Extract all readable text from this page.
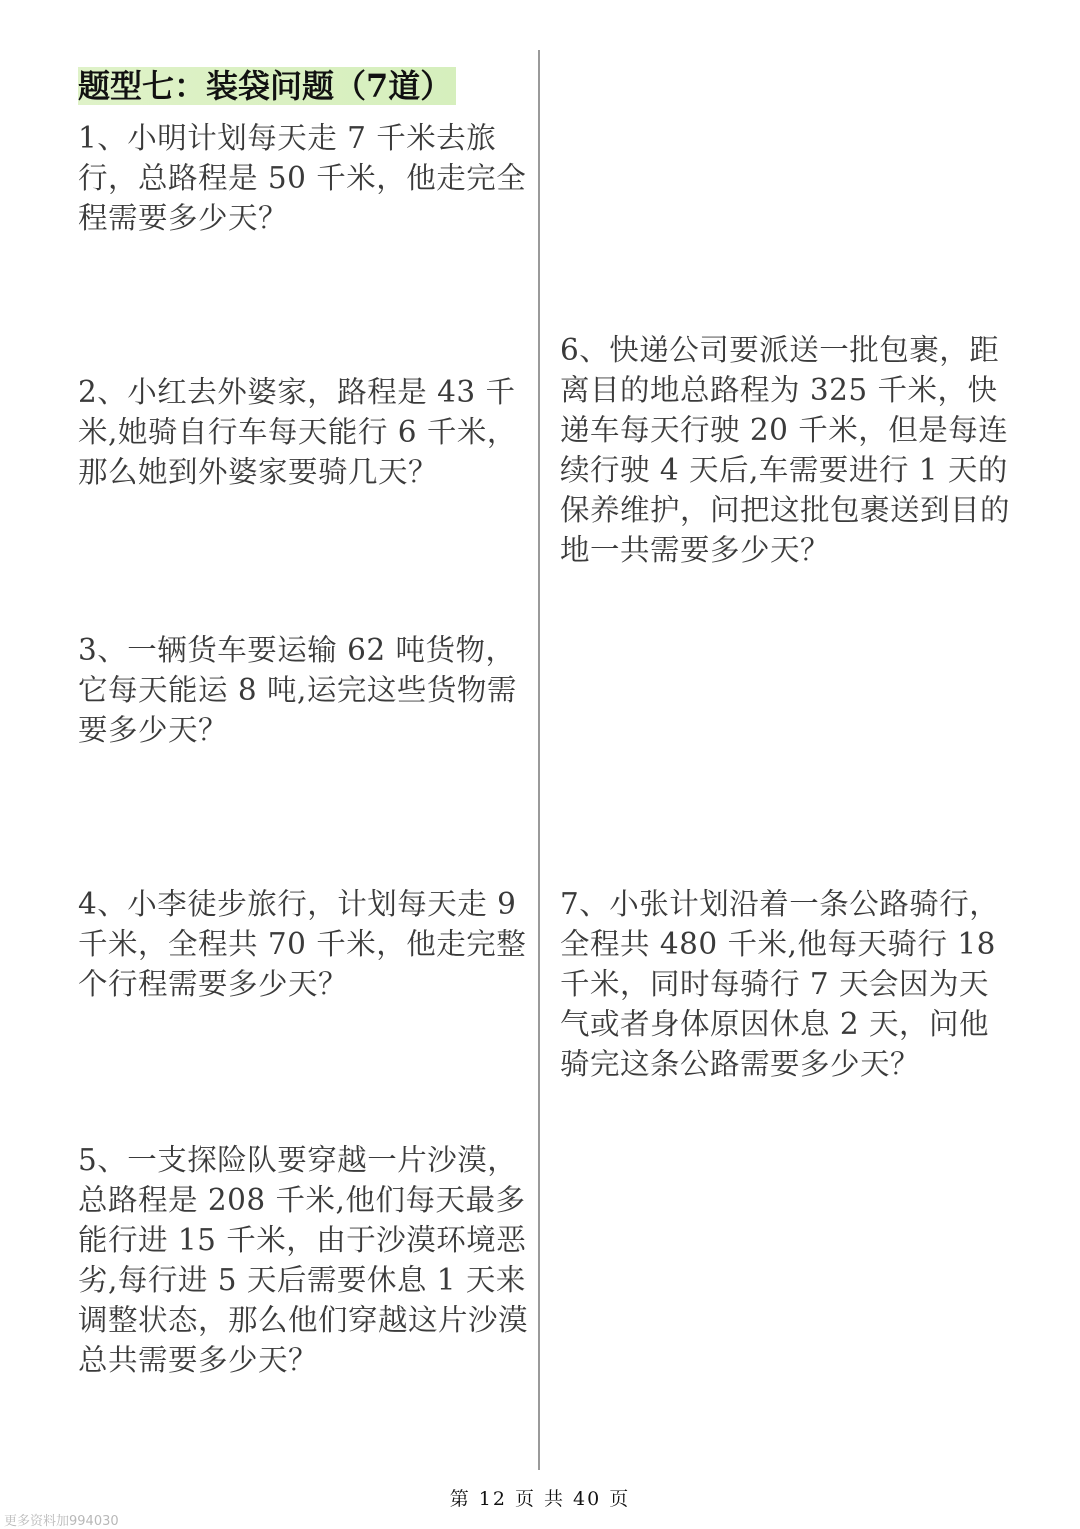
题型七：装袋问题（7道）
1、小明计划每天走 7 千米去旅行，总路程是 50 千米，他走完全程需要多少天？
2、小红去外婆家，路程是 43 千米,她骑自行车每天能行 6 千米，那么她到外婆家要骑几天？
3、一辆货车要运输 62 吨货物，它每天能运 8 吨,运完这些货物需要多少天？
4、小李徒步旅行，计划每天走 9 千米，全程共 70 千米，他走完整个行程需要多少天？
5、一支探险队要穿越一片沙漠，总路程是 208 千米,他们每天最多能行进 15 千米，由于沙漠环境恶劣,每行进 5 天后需要休息 1 天来调整状态，那么他们穿越这片沙漠总共需要多少天？
6、快递公司要派送一批包裹，距离目的地总路程为 325 千米，快递车每天行驶 20 千米，但是每连续行驶 4 天后,车需要进行 1 天的保养维护，问把这批包裹送到目的地一共需要多少天？
7、小张计划沿着一条公路骑行，全程共 480 千米,他每天骑行 18 千米，同时每骑行 7 天会因为天气或者身体原因休息 2 天，问他骑完这条公路需要多少天？
第 12 页 共 40 页
更多资料加994030
